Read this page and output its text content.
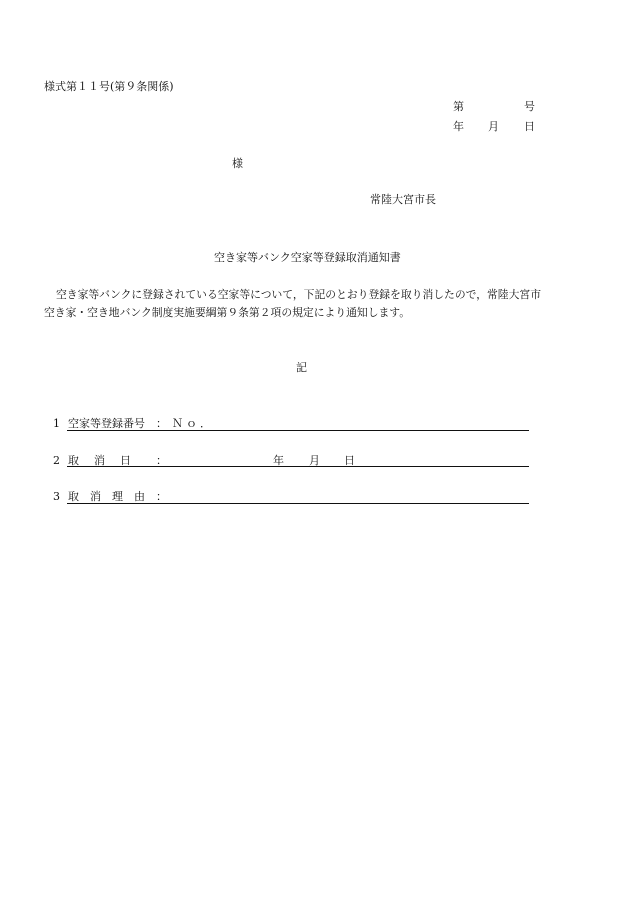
様式第１１号(第９条関係)
第	号
年 月 日
様
常陸大宮市長
空き家等バンク空家等登録取消通知書
空き家等バンクに登録されている空家等について，下記のとおり登録を取り消したので，常陸大宮市
空き家・空き地バンク制度実施要綱第９条第２項の規定により通知します。
記
1 空家等登録番号 ： Ｎｏ．
2 取　消　日 ：	年 月 日
3 取　消　理　由 ：
